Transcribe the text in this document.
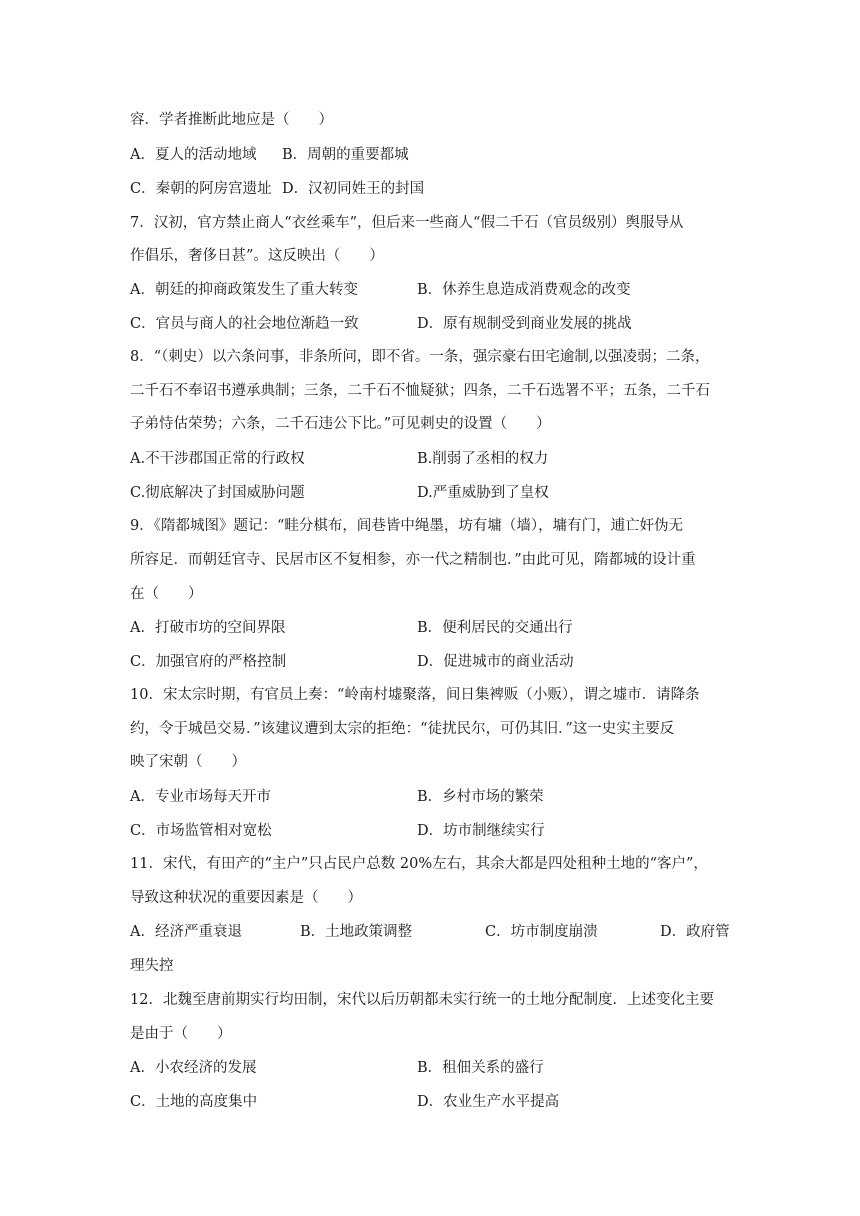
容．学者推断此地应是（　　）
A．夏人的活动地域 B．周朝的重要都城
C．秦朝的阿房宫遗址 D．汉初同姓王的封国
7．汉初，官方禁止商人“衣丝乘车”，但后来一些商人“假二千石（官员级别）舆服导从
作倡乐，奢侈日甚”。这反映出（　　）
A．朝廷的抑商政策发生了重大转变	B．休养生息造成消费观念的改变
C．官员与商人的社会地位渐趋一致	D．原有规制受到商业发展的挑战
8．“（刺史）以六条问事，非条所问，即不省。一条，强宗豪右田宅逾制,以强凌弱；二条，
二千石不奉诏书遵承典制；三条，二千石不恤疑狱；四条，二千石选署不平；五条，二千石
子弟恃估荣势；六条，二千石违公下比。”可见刺史的设置（　　）
A.不干涉郡国正常的行政权	B.削弱了丞相的权力
C.彻底解决了封国威胁问题	D.严重威胁到了皇权
9．《隋都城图》题记：“畦分棋布，闾巷皆中绳墨，坊有墉（墙），墉有门，逋亡奸伪无
所容足．而朝廷官寺、民居市区不复相参，亦一代之精制也．”由此可见，隋都城的设计重
在（　　）
A．打破市坊的空间界限	B．便利居民的交通出行
C．加强官府的严格控制	D．促进城市的商业活动
10．宋太宗时期，有官员上奏：“岭南村墟聚落，间日集裨贩（小贩），谓之墟市．请降条
约，令于城邑交易．”该建议遭到太宗的拒绝：“徒扰民尔，可仍其旧．”这一史实主要反
映了宋朝（　　）
A．专业市场每天开市	B．乡村市场的繁荣
C．市场监管相对宽松	D．坊市制继续实行
11．宋代，有田产的“主户”只占民户总数 20%左右，其余大都是四处租种土地的“客户”，
导致这种状况的重要因素是（　　）
A．经济严重衰退	B．土地政策调整	C．坊市制度崩溃	D．政府管
理失控
12．北魏至唐前期实行均田制，宋代以后历朝都未实行统一的土地分配制度．上述变化主要
是由于（　　）
A．小农经济的发展	B．租佃关系的盛行
C．土地的高度集中	D．农业生产水平提高
